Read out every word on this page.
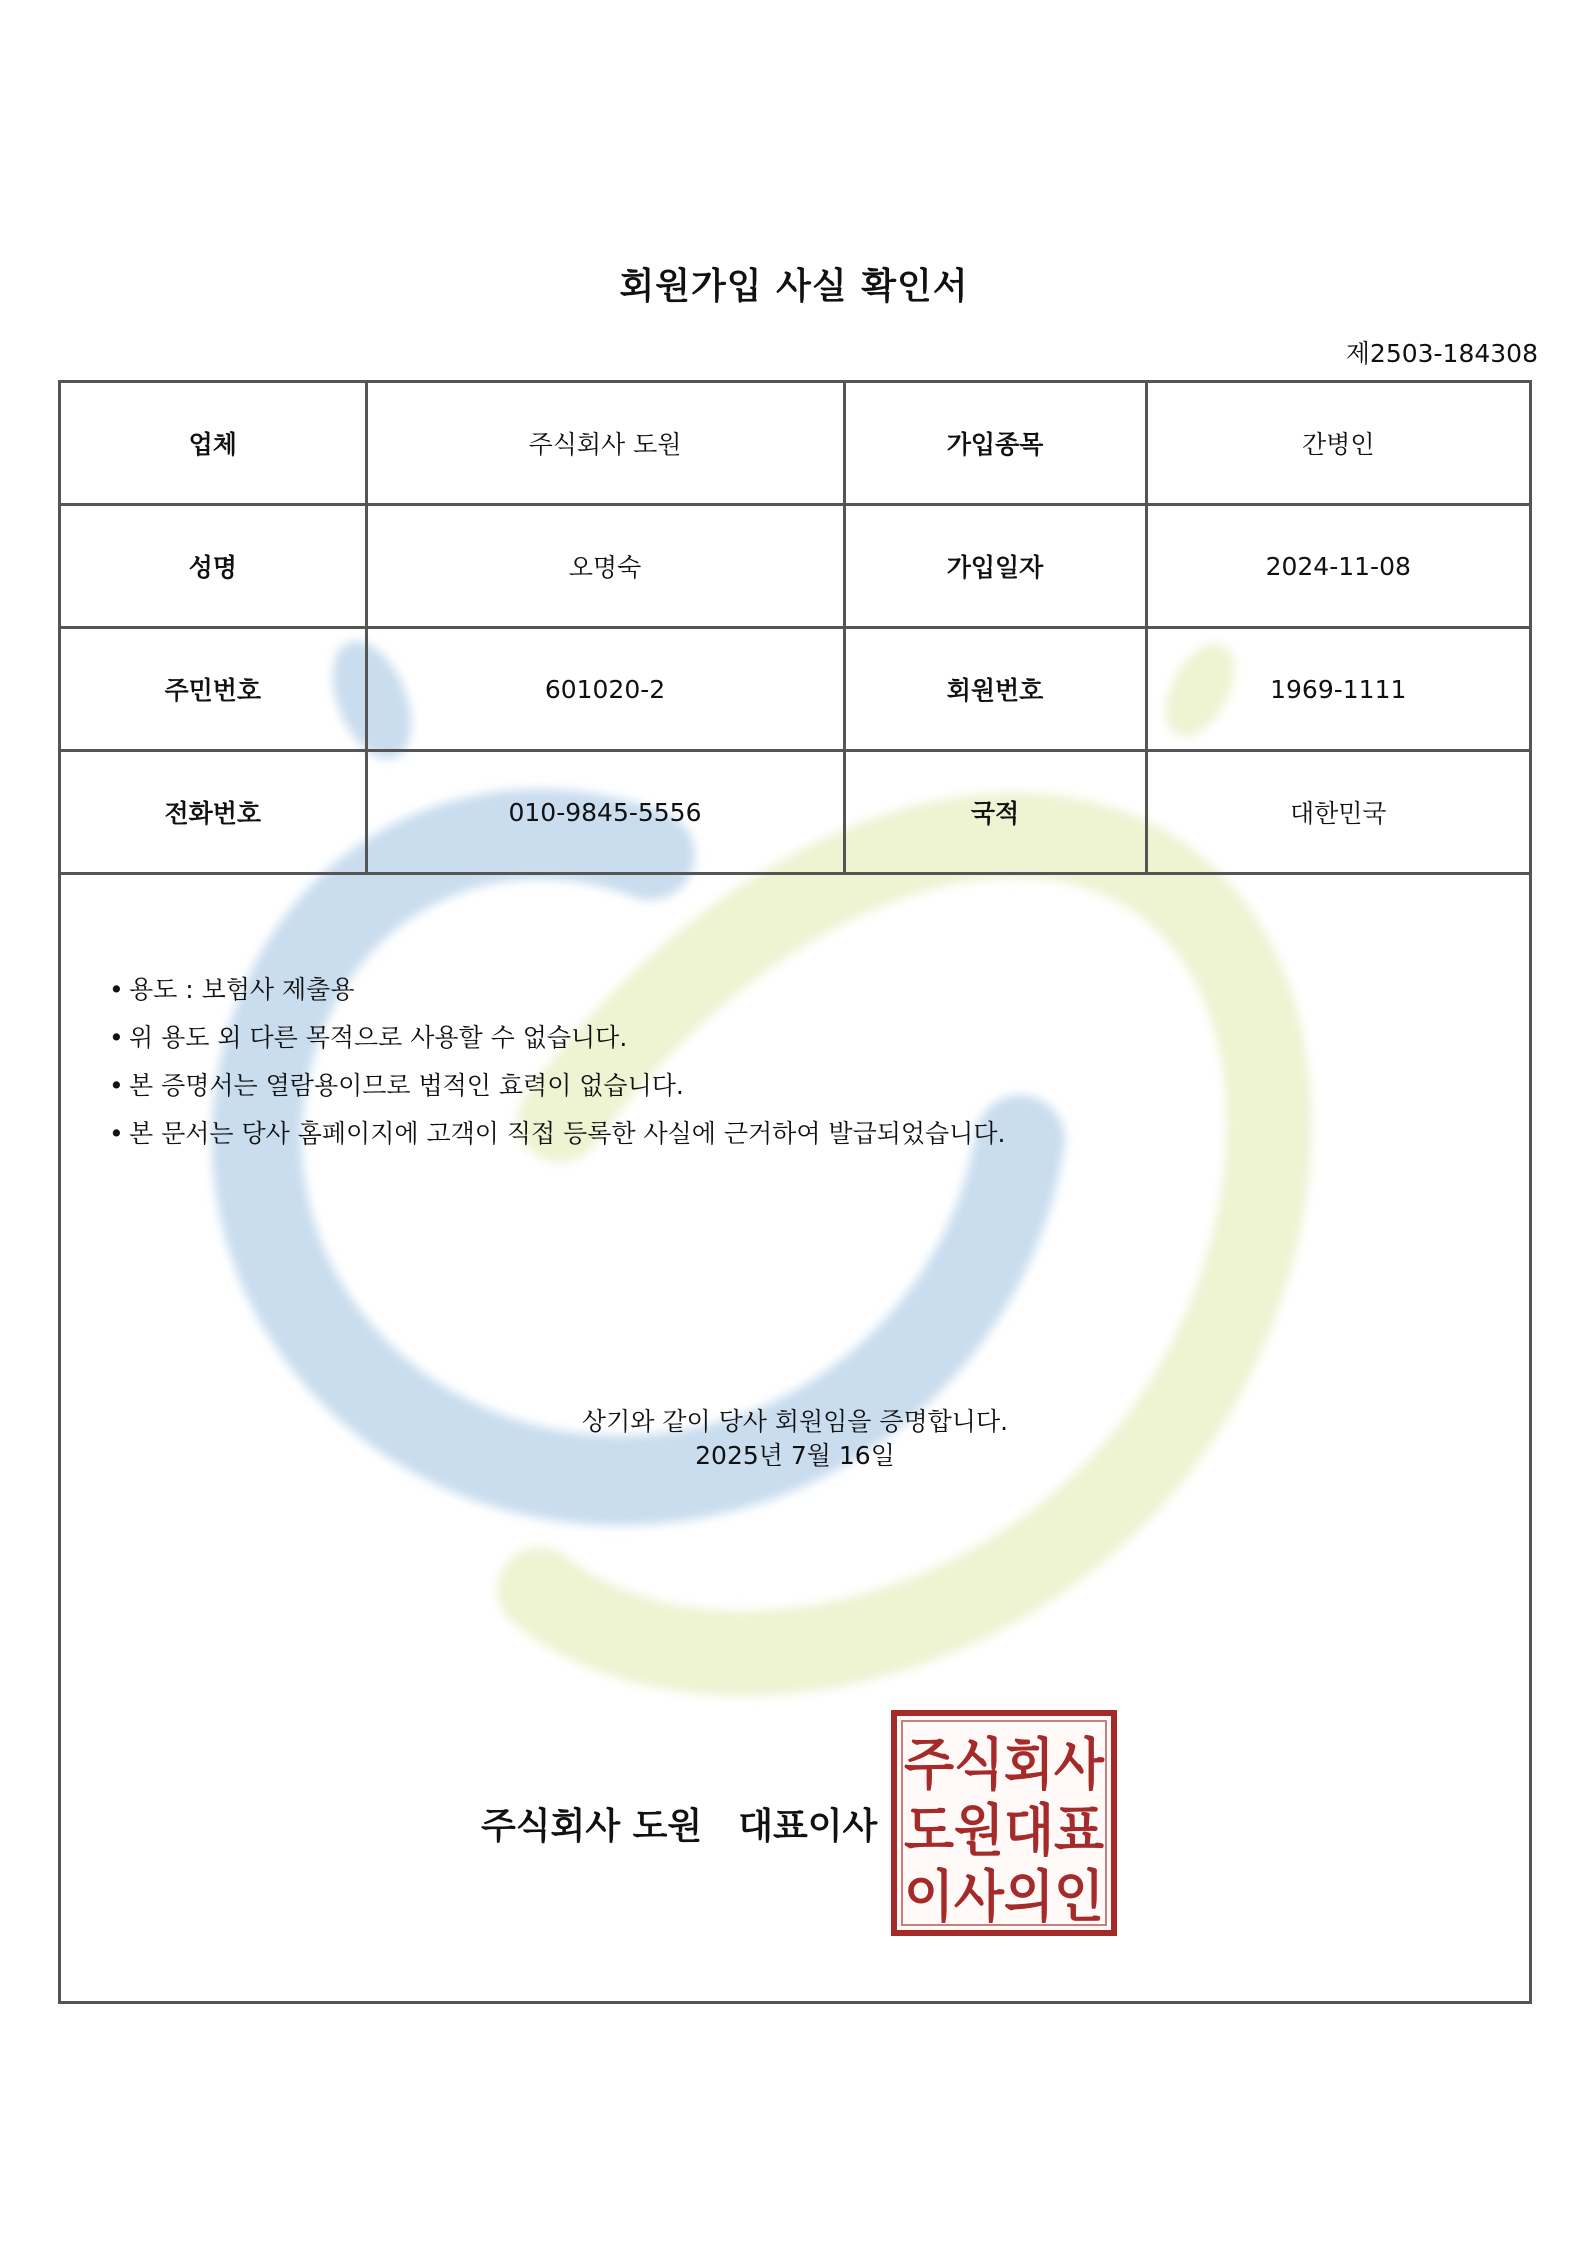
회원가입 사실 확인서
제2503-184308
업체	주식회사 도원	가입종목	간병인
성명	오명숙	가입일자	2024-11-08
주민번호	601020-2	회원번호	1969-1111
전화번호	010-9845-5556	국적	대한민국
• 용도 : 보험사 제출용
• 위 용도 외 다른 목적으로 사용할 수 없습니다.
• 본 증명서는 열람용이므로 법적인 효력이 없습니다.
• 본 문서는 당사 홈페이지에 고객이 직접 등록한 사실에 근거하여 발급되었습니다.
상기와 같이 당사 회원임을 증명합니다.
2025년 7월 16일
주식회사 도원 대표이사
주식회사
도원대표
이사의인
